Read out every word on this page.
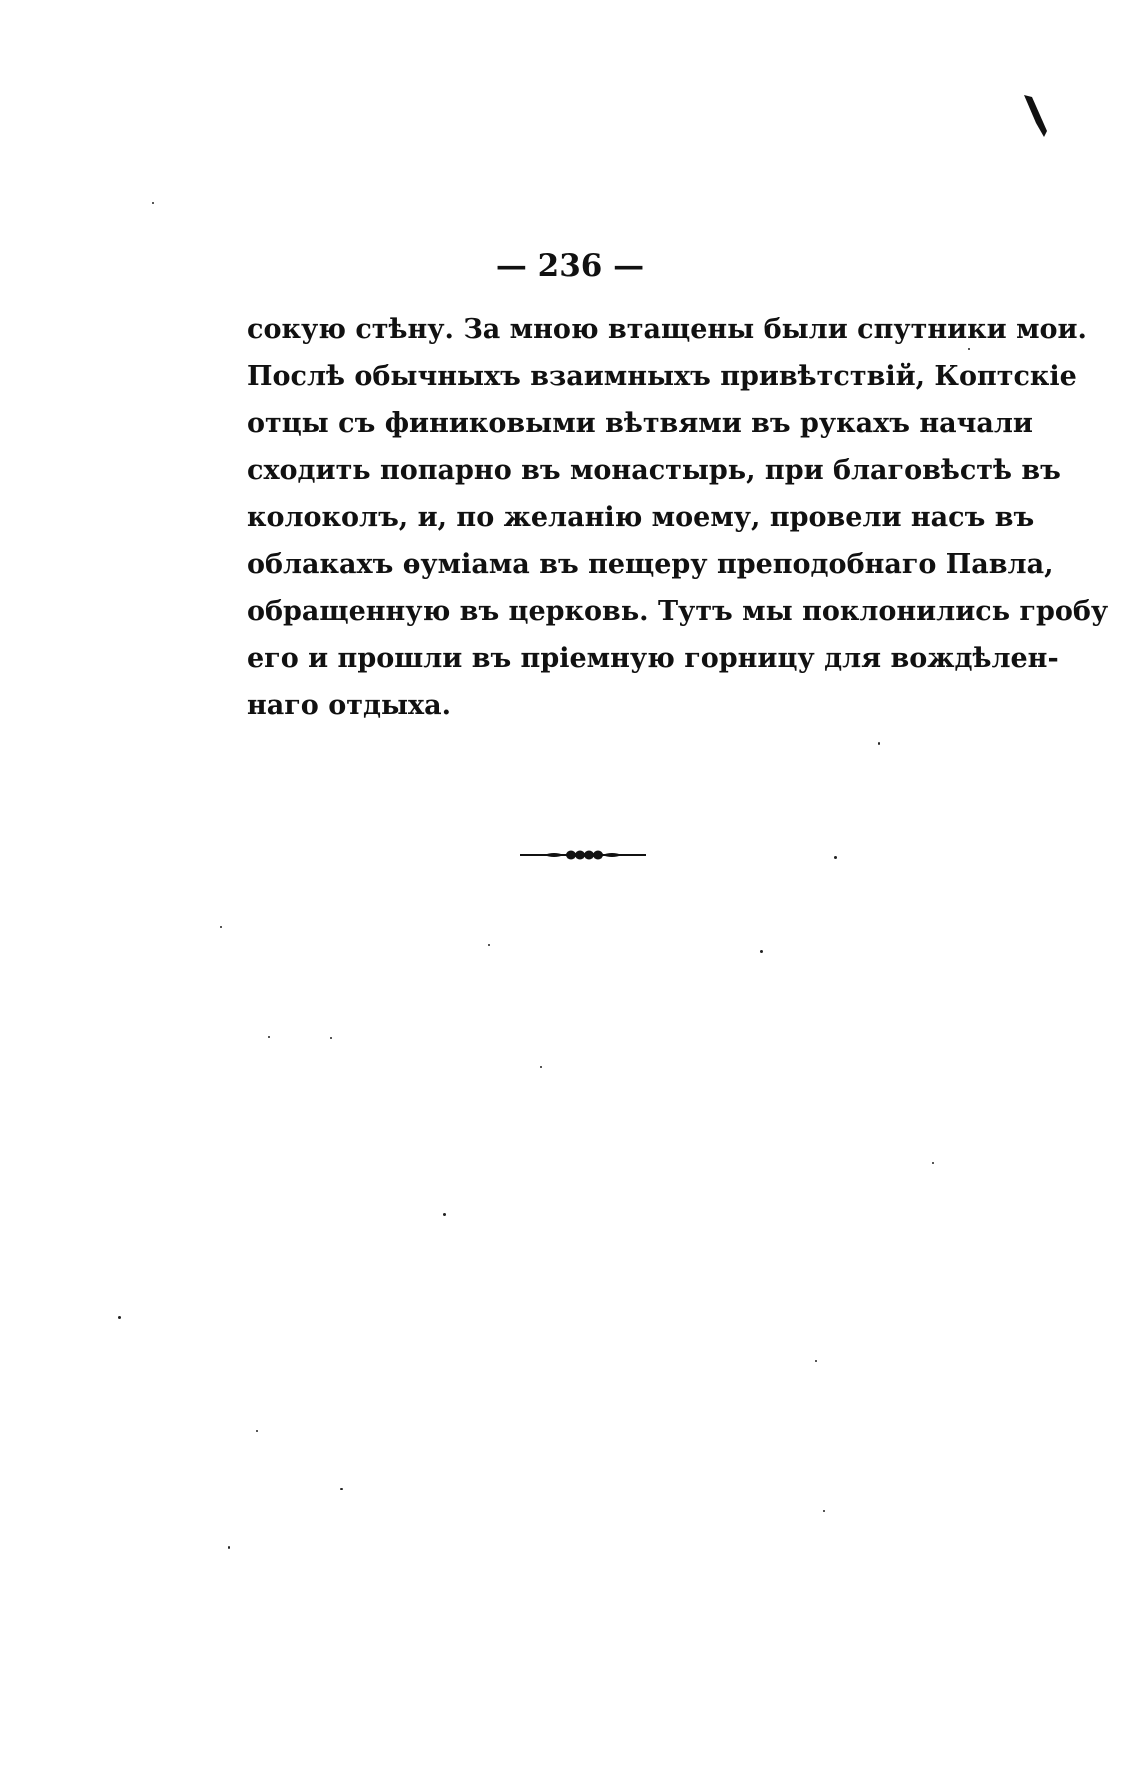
— 236 —
сокую стѣну. За мною втащены были спутники мои.
Послѣ обычныхъ взаимныхъ привѣтствій, Коптскіе
отцы съ финиковыми вѣтвями въ рукахъ начали
сходить попарно въ монастырь, при благовѣстѣ въ
колоколъ, и, по желанію моему, провели насъ въ
облакахъ ѳуміама въ пещеру преподобнаго Павла,
обращенную въ церковь. Тутъ мы поклонились гробу
его и прошли въ пріемную горницу для вождѣлен-
наго отдыха.
